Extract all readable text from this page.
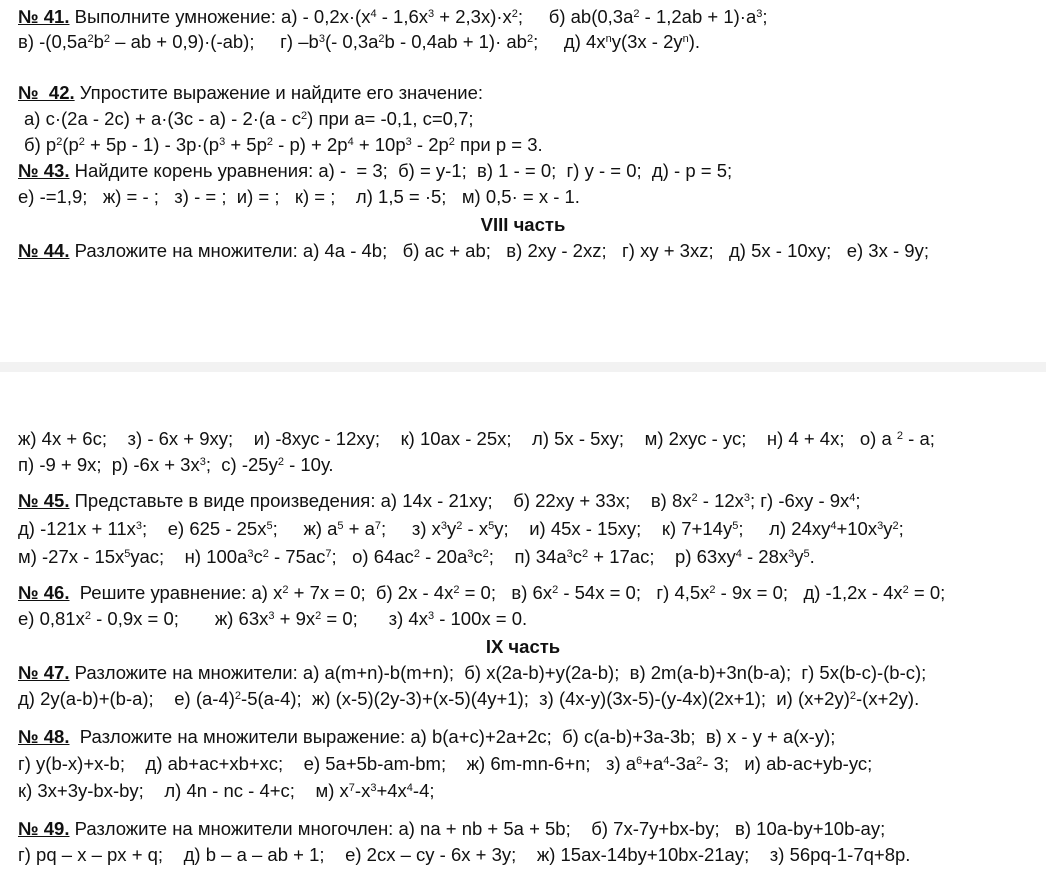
№ 41. Выполните умножение: $а) - 0,2х\cdot(х^4 - 1,6х^3 + 2,3х)\cdot х^2$;     б) $аb(0,3а^2 - 1,2аb + 1)\cdot а^3$;
в) $-(0,5a^2b^2$ – ab + 0,9)·(-ab);     г) $-b^3(-$ $0,3a^2b - 0,4ab + 1)\cdot ab^2$;     д) $4x^ny(3x - 2y^n)$.
№  42. Упростите выражение и найдите его значение:
а) $с\cdot(2а - 2с) + а\cdot(3с - а) - 2\cdot(а - с^2)$ при а= -0,1, с=0,7;
б) $р^2(р^2 + 5р - 1) - 3р\cdot(р^3 + 5р^2 - р) + 2р^4 + 10р^3 - 2р^2$ при р = 3.
№ 43. Найдите корень уравнения: а) -  = 3;  б) = у-1;  в) 1 - = 0;  г) у - = 0;  д) - р = 5;
е) -=1,9;   ж) = - ;   з) - = ;  и) = ;   к) = ;    л) 1,5 = ·5;   м) 0,5· = х - 1.
№ 44. Разложите на множители: а) 4а - 4b;   б) ас + аb;   в) 2ху - 2хz;   г) ху + 3хz;   д) 5х - 10ху;   е) 3х - 9у;
ж) 4х + 6с;    з) - 6х + 9ху;    и) -8хус - 12ху;    к) 10ах - 25х;    л) 5х - 5ху;    м) 2хус - ус;    н) 4 + 4х;   о) а $^2$ - а;
п) -9 + 9х;  р) $-6х + 3х^3$;  с) $-25у^2 - 10у$.
№ 45. Представьте в виде произведения: а) 14х - 21ху;    б) 22ху + 33х;    в) $8х^2 - 12х^3$; г) $-6ху - 9х^4$;
д) $-121х + 11х^3$;    е) $625 - 25х^5$;     ж) $а^5 + а^7$;     з) $х^3у^2 - х^5у$;    и) 45х - 15ху;    к) $7+14у^5$;     л) $24ху^4+10х^3у^2$;
м) $-27х - 15х^5уас$;    н) $100а^3с^2 - 75ас^7$;   о) $64ас^2 - 20а^3с^2$;    п) $34а^3с^2 + 17ас$;    р) $63ху^4 - 28х^3у^5$.
№ 46.  Решите уравнение: а) $х^2 + 7х = 0$;  б) $2х - 4х^2 = 0$;   в) $6х^2 - 54х = 0$;   г) $4,5х^2 - 9х = 0$;   д) $-1,2х - 4х^2 = 0$;
е) $0,81х^2 - 0,9х = 0$;       ж) $63х^3 + 9х^2 = 0$;      з) $4х^3 - 100х = 0$.
№ 47. Разложите на множители: а) a(m+n)-b(m+n);  б) х(2а-b)+у(2a-b);  в) 2m(a-b)+3n(b-a);  г) 5х(b-c)-(b-c);
д) 2у(a-b)+(b-a);    е) $(a-4)^2-5(a-4)$;  ж) (x-5)(2y-3)+(x-5)(4y+1);  з) (4x-y)(3x-5)-(y-4x)(2x+1);  и) $(x+2y)^2-(x+2y)$.
№ 48.  Разложите на множители выражение: а) b(а+с)+2а+2с;  б) с(а-b)+3а-3b;  в) х - у + а(х-у);
г) у(b-х)+х-b;    д) аb+ас+хb+хс;    е) 5а+5b-аm-bm;    ж) 6m-mn-6+n;   з) $а^6+а^4-3а^2-$ 3;   и) аb-ас+уb-ус;
к) 3х+3у-bх-bу;    л) 4n - nс - 4+с;    м) $х^7-х^3+4х^4-4$;
№ 49. Разложите на множители многочлен: а) na + nb + 5a + 5b;    б) 7x-7y+bx-by;   в) 10a-by+10b-ay;
г) pq – x – px + q;    д) b – a – ab + 1;    е) 2cx – cy - 6x + 3y;    ж) 15ax-14by+10bx-21ay;    з) 56pq-1-7q+8p.
VIII часть
IX часть
